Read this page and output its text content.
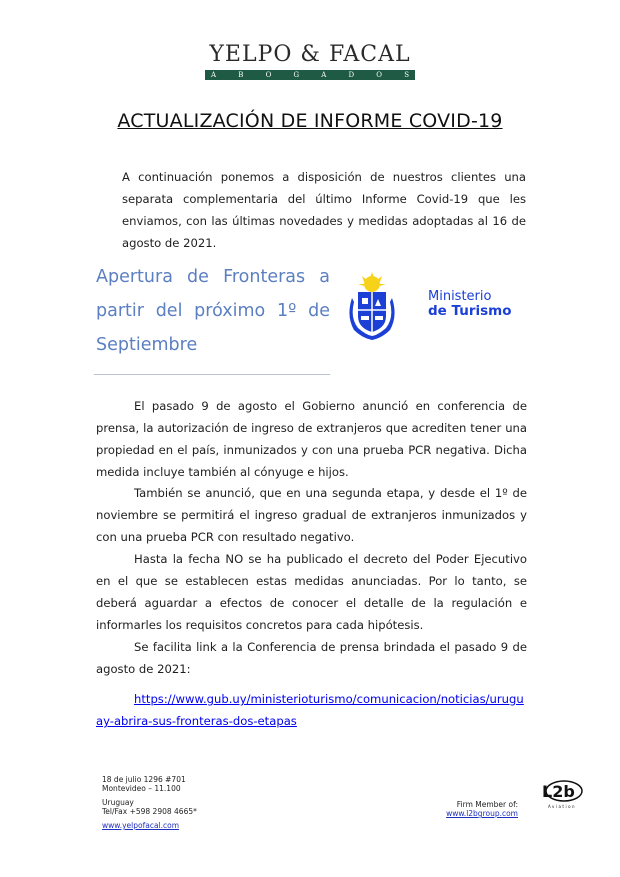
YELPO & FACAL
A	B	O	G	A	D	O	S
ACTUALIZACIÓN DE INFORME COVID-19
A continuación ponemos a disposición de nuestros clientes una separata complementaria del último Informe Covid-19 que les enviamos, con las últimas novedades y medidas adoptadas al 16 de agosto de 2021.
Apertura de Fronteras a partir del próximo 1º de Septiembre
Ministerio
de Turismo
El pasado 9 de agosto el Gobierno anunció en conferencia de prensa, la autorización de ingreso de extranjeros que acrediten tener una propiedad en el país, inmunizados y con una prueba PCR negativa. Dicha medida incluye también al cónyuge e hijos.
También se anunció, que en una segunda etapa, y desde el 1º de noviembre se permitirá el ingreso gradual de extranjeros inmunizados y con una prueba PCR con resultado negativo.
Hasta la fecha NO se ha publicado el decreto del Poder Ejecutivo en el que se establecen estas medidas anunciadas. Por lo tanto, se deberá aguardar a efectos de conocer el detalle de la regulación e informarles los requisitos concretos para cada hipótesis.
Se facilita link a la Conferencia de prensa brindada el pasado 9 de agosto de 2021:
https://www.gub.uy/ministerioturismo/comunicacion/noticias/uruguay-abrira-sus-fronteras-dos-etapas
18 de julio 1296 #701
Montevideo – 11.100
Uruguay
Tel/Fax +598 2908 4665*
www.yelpofacal.com
Firm Member of:
www.l2bgroup.com
L2b
Aviation
